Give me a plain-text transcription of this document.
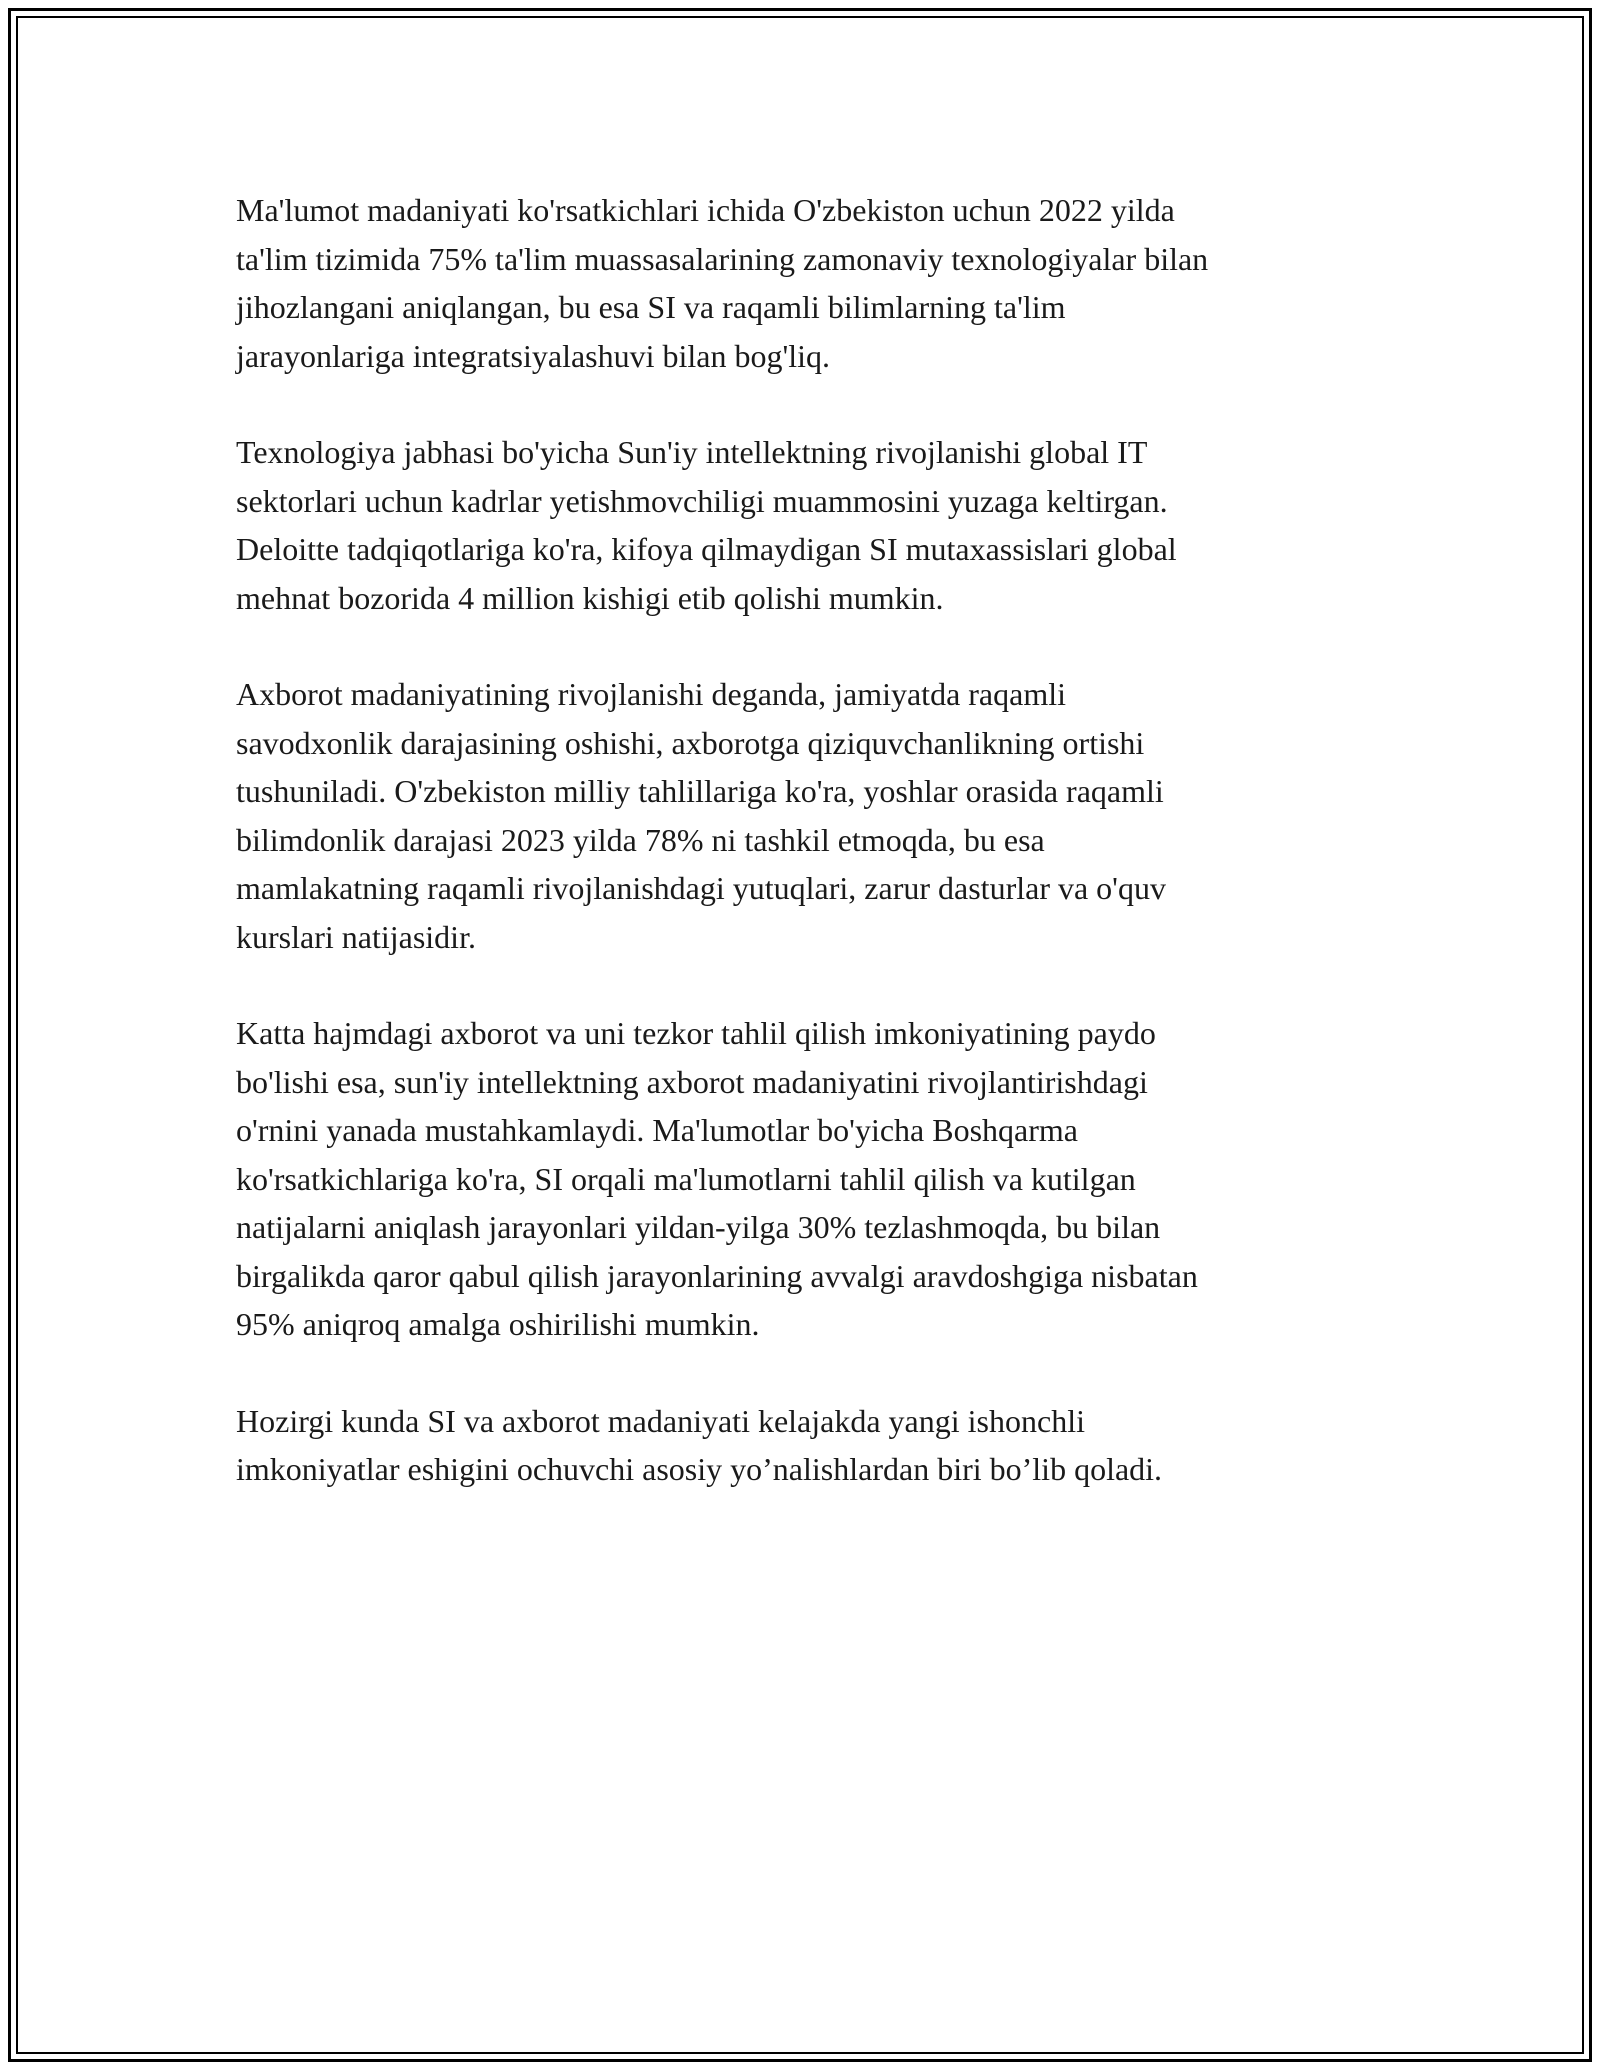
Ma'lumot madaniyati ko'rsatkichlari ichida O'zbekiston uchun 2022 yilda
ta'lim tizimida 75% ta'lim muassasalarining zamonaviy texnologiyalar bilan
jihozlangani aniqlangan, bu esa SI va raqamli bilimlarning ta'lim
jarayonlariga integratsiyalashuvi bilan bog'liq.

Texnologiya jabhasi bo'yicha Sun'iy intellektning rivojlanishi global IT
sektorlari uchun kadrlar yetishmovchiligi muammosini yuzaga keltirgan.
Deloitte tadqiqotlariga ko'ra, kifoya qilmaydigan SI mutaxassislari global
mehnat bozorida 4 million kishigi etib qolishi mumkin.

Axborot madaniyatining rivojlanishi deganda, jamiyatda raqamli
savodxonlik darajasining oshishi, axborotga qiziquvchanlikning ortishi
tushuniladi. O'zbekiston milliy tahlillariga ko'ra, yoshlar orasida raqamli
bilimdonlik darajasi 2023 yilda 78% ni tashkil etmoqda, bu esa
mamlakatning raqamli rivojlanishdagi yutuqlari, zarur dasturlar va o'quv
kurslari natijasidir.

Katta hajmdagi axborot va uni tezkor tahlil qilish imkoniyatining paydo
bo'lishi esa, sun'iy intellektning axborot madaniyatini rivojlantirishdagi
o'rnini yanada mustahkamlaydi. Ma'lumotlar bo'yicha Boshqarma
ko'rsatkichlariga ko'ra, SI orqali ma'lumotlarni tahlil qilish va kutilgan
natijalarni aniqlash jarayonlari yildan-yilga 30% tezlashmoqda, bu bilan
birgalikda qaror qabul qilish jarayonlarining avvalgi aravdoshgiga nisbatan
95% aniqroq amalga oshirilishi mumkin.

Hozirgi kunda SI va axborot madaniyati kelajakda yangi ishonchli
imkoniyatlar eshigini ochuvchi asosiy yo’nalishlardan biri bo’lib qoladi.
